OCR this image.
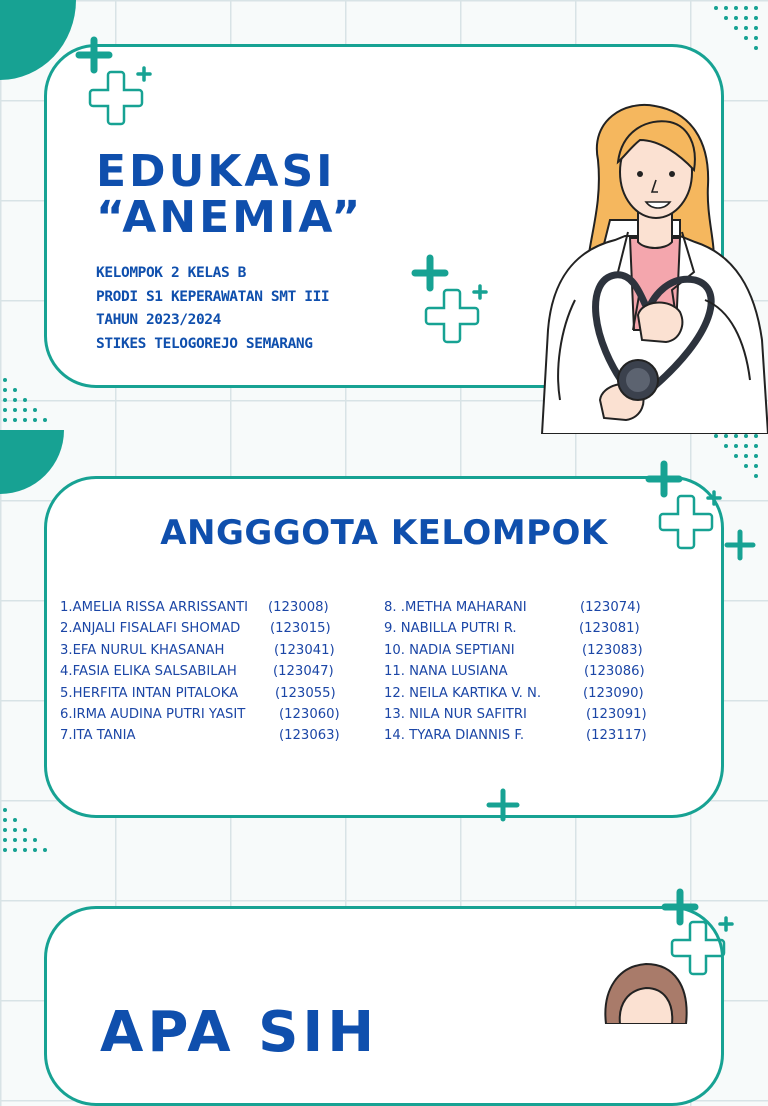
EDUKASI
“ANEMIA”
KELOMPOK 2 KELAS B
PRODI S1 KEPERAWATAN SMT III
TAHUN 2023/2024
STIKES TELOGOREJO SEMARANG
ANGGGOTA KELOMPOK
1.AMELIA RISSA ARRISSANTI (123008)
2.ANJALI FISALAFI SHOMAD (123015)
3.EFA NURUL KHASANAH	(123041)
4.FASIA ELIKA SALSABILAH	(123047)
5.HERFITA INTAN PITALOKA	(123055)
6.IRMA AUDINA PUTRI YASIT	(123060)
7.ITA TANIA	(123063)
8. .METHA MAHARANI	(123074)
9. NABILLA PUTRI R.	(123081)
10. NADIA SEPTIANI	(123083)
11. NANA LUSIANA	(123086)
12. NEILA KARTIKA V. N.	(123090)
13. NILA NUR SAFITRI	(123091)
14. TYARA DIANNIS F.	(123117)
APA SIH
